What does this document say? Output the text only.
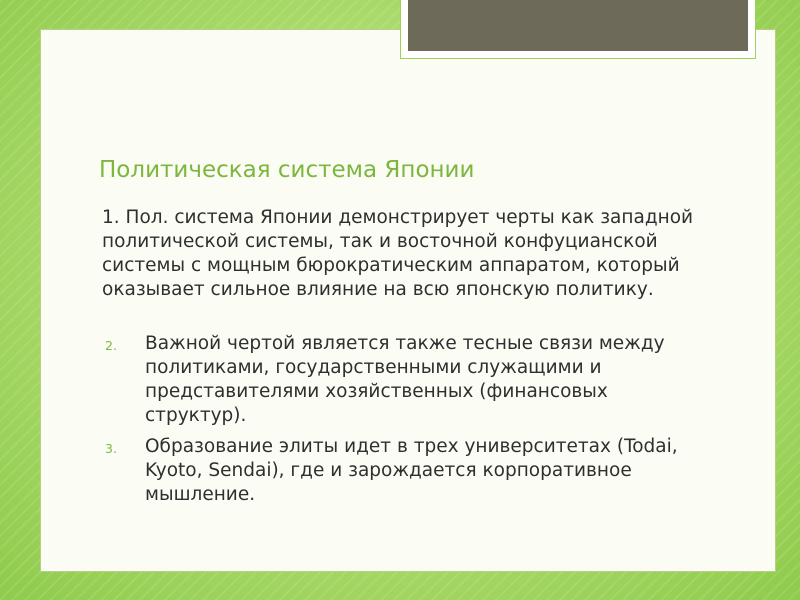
Политическая система Японии

1. Пол. система Японии демонстрирует черты как западной политической системы, так и восточной конфуцианской системы с мощным бюрократическим аппаратом, который оказывает сильное влияние на всю японскую политику.

2. Важной чертой является также тесные связи между политиками, государственными служащими и представителями хозяйственных (финансовых структур).
3. Образование элиты идет в трех университетах (Todai, Kyoto, Sendai), где и зарождается корпоративное мышление.
